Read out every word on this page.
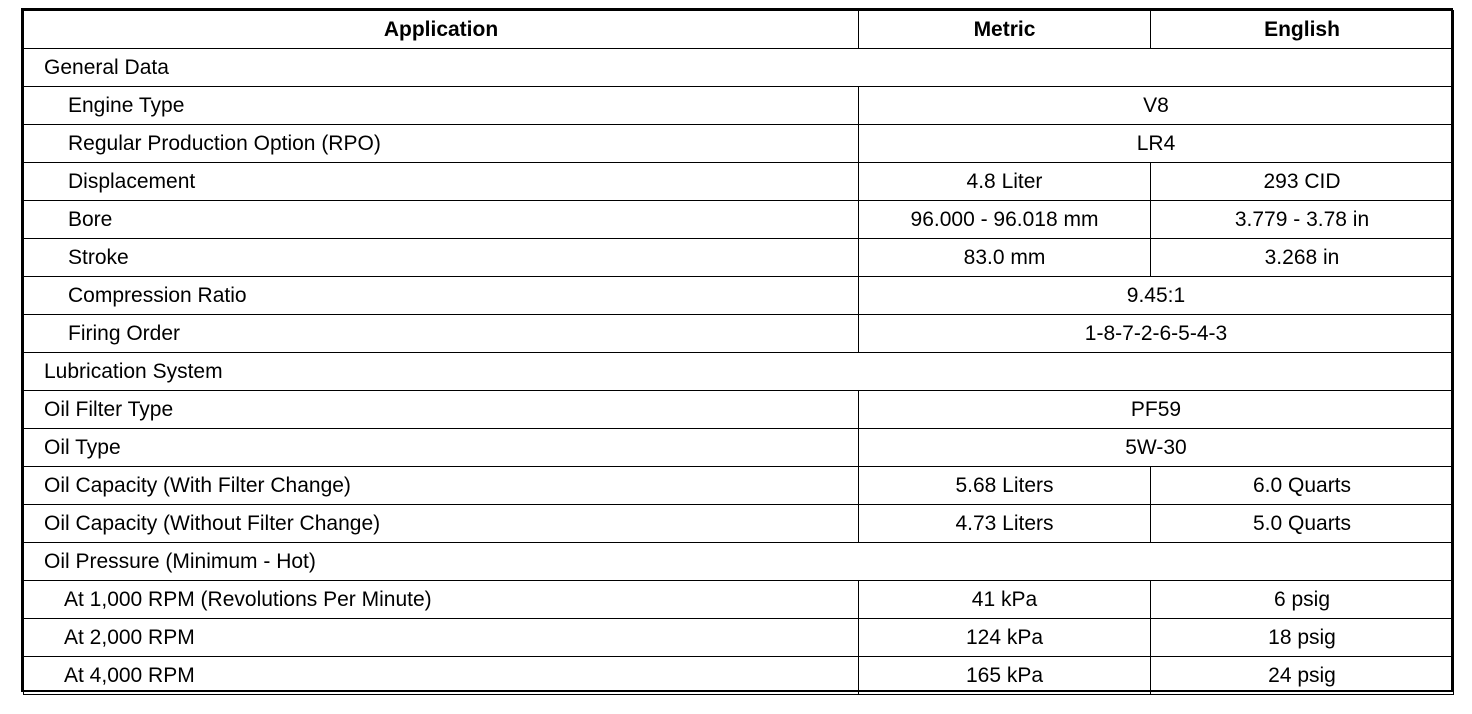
Application	Metric	English
General Data		
Engine Type	V8	
Regular Production Option (RPO)	LR4	
Displacement	4.8 Liter	293 CID
Bore	96.000 - 96.018 mm	3.779 - 3.78 in
Stroke	83.0 mm	3.268 in
Compression Ratio	9.45:1	
Firing Order	1-8-7-2-6-5-4-3	
Lubrication System		
Oil Filter Type	PF59	
Oil Type	5W-30	
Oil Capacity (With Filter Change)	5.68 Liters	6.0 Quarts
Oil Capacity (Without Filter Change)	4.73 Liters	5.0 Quarts
Oil Pressure (Minimum - Hot)		
At 1,000 RPM (Revolutions Per Minute)	41 kPa	6 psig
At 2,000 RPM	124 kPa	18 psig
At 4,000 RPM	165 kPa	24 psig
